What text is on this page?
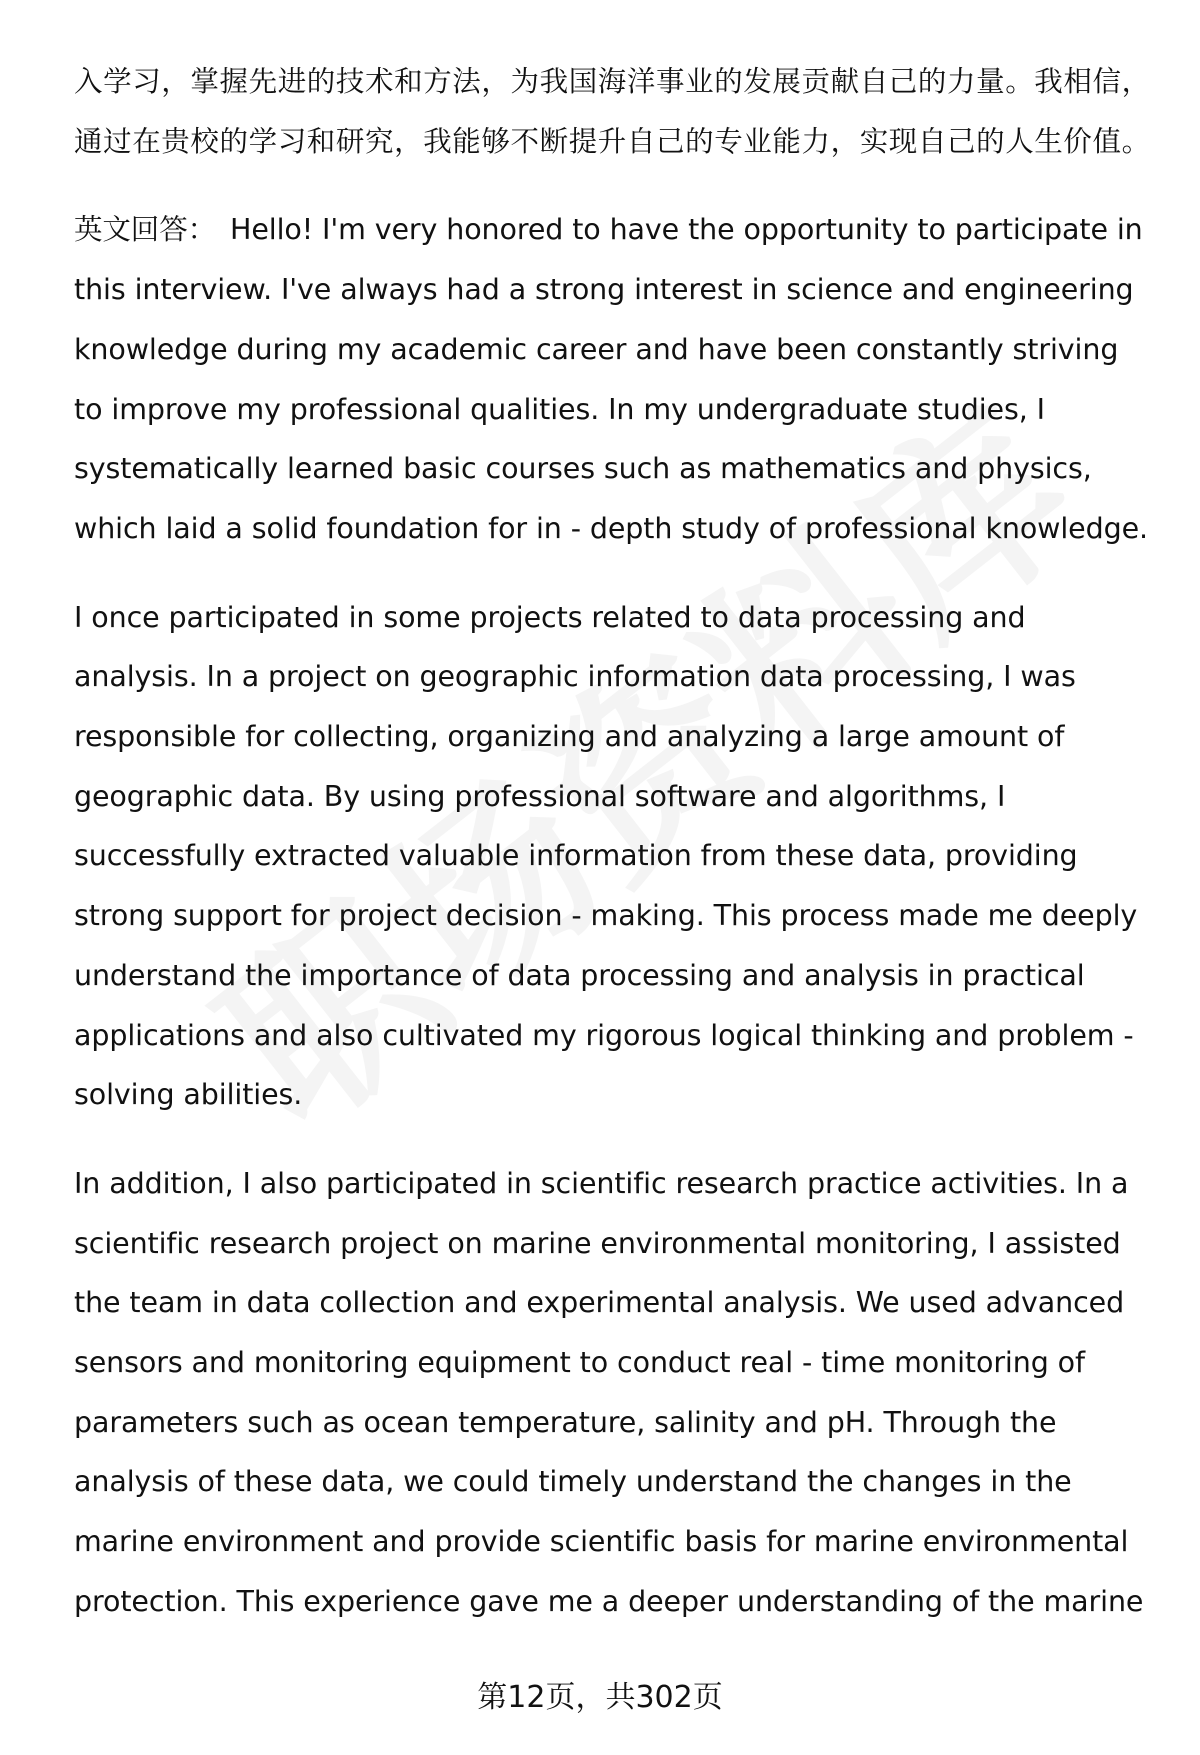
入学习，掌握先进的技术和方法，为我国海洋事业的发展贡献自己的力量。我相信，通过在贵校的学习和研究，我能够不断提升自己的专业能力，实现自己的人生价值。

英文回答： Hello! I'm very honored to have the opportunity to participate in this interview. I've always had a strong interest in science and engineering knowledge during my academic career and have been constantly striving to improve my professional qualities. In my undergraduate studies, I systematically learned basic courses such as mathematics and physics, which laid a solid foundation for in - depth study of professional knowledge.

I once participated in some projects related to data processing and analysis. In a project on geographic information data processing, I was responsible for collecting, organizing and analyzing a large amount of geographic data. By using professional software and algorithms, I successfully extracted valuable information from these data, providing strong support for project decision - making. This process made me deeply understand the importance of data processing and analysis in practical applications and also cultivated my rigorous logical thinking and problem - solving abilities.

In addition, I also participated in scientific research practice activities. In a scientific research project on marine environmental monitoring, I assisted the team in data collection and experimental analysis. We used advanced sensors and monitoring equipment to conduct real - time monitoring of parameters such as ocean temperature, salinity and pH. Through the analysis of these data, we could timely understand the changes in the marine environment and provide scientific basis for marine environmental protection. This experience gave me a deeper understanding of the marine

第12页，共302页
